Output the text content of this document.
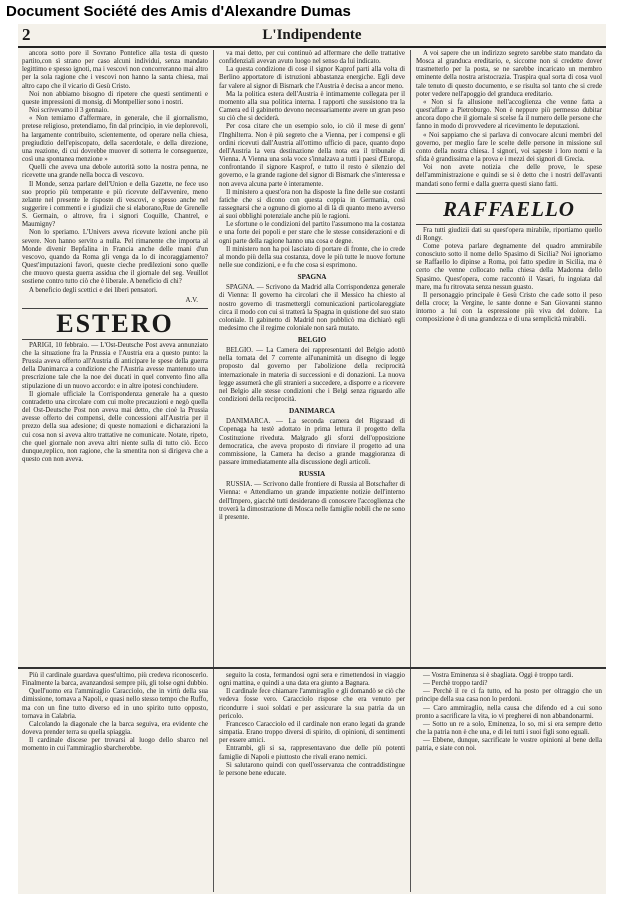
Document Société des Amis d'Alexandre Dumas
L'Indipendente
2

ancora sotto pore il Sovrano Pontefice alla testa di questo partito,con sì strano per caso alcuni individui, senza mandato legittimo e spesso ignoti, ma i vescovi non concorreranno mai altro per la sola ragione che i vescovi non hanno la santa chiesa, mai altro capo che il vicario di Gesù Cristo.

Noi non abbiamo bisogno di ripetere che questi sentimenti e queste impressioni di monsig. di Montpellier sono i nostri.

Noi scrivevamo il 3 gennaio.

« Non temiamo d'affermare, in generale, che il giornalismo, pretese religioso, pretendiamo, fin dal principio, in vie deplorevoli, ha largamente contribuito, scientemente, od operare nella chiesa, pregiudizio dell'episcopato, della sacerdotale, e della direzione, una reazione, di cui dovrebbe muover di sotterra le conseguenze, così una spontanea menzione »

Quelli che aveva una debole autorità sotto la nostra penna, ne ricevette una grande nella bocca di vescovo.

Il Monde, senza parlare dell'Union e della Gazette, ne fece uso suo proprio più temperante e più ricevute dell'avvenire, meno zelante nel presente le risposte di vescovi, e spesso anche nel suggerire i commenti e i giudizii che si elaborano,Rue de Grenelle S. Germain, o altrove, fra i signori Coquille, Chantrel, e Maumigny?

Non lo speriamo. L'Univers aveva ricevute lezioni anche più severe. Non hanno servito a nulla. Pel rimanente che importa al Monde divenir Bepfalina in Francia anche delle mani d'un vescovo, quando da Roma gli venga da lo di incoraggiamento? Quest'imputazioni favori, queste cieche predilezioni sono quelle che muovo questa guerra assidua che il giornale del seg. Veuillot sostiene contro tutto ciò che è liberale. A beneficio di chi?

A beneficio degli scettici e dei liberi pensatori.

A.V.
ESTERO

PARIGI, 10 febbraio. — L'Ost-Deutsche Post aveva annunziato che la situazione fra la Prussia e l'Austria era a questo punto: la Prussia aveva offerto all'Austria di anticipare le spese della guerra della Danimarca a condizione che l'Austria avesse mantenuto una prescrizione tale che la noe dei ducati in quel convento fino alla stipulazione di un nuovo accordo: e in altre ipotesi conchiudere.

Il giornale ufficiale la Corrispondenza generale ha a questo contradetto una circolare com cui molte precauzioni e negò quella del Ost-Deutsche Post non aveva mai detto, che cioè la Prussia avesse offerto dei compensi, delle concessioni all'Austria per il prezzo della sua adesione; di queste nomazioni e dicharazioni la cui cosa non si aveva altro trattative ne comunicate. Notate, ripeto, che quel giornale non aveva altri niente sulla di tutto ciò. Ecco dunque,replico, non ragione, che la smentita non si dirigeva che a questo con non aveva.

va mai detto, per cui continuò ad affermare che delle trattative confidenziali avevan avuto luogo nel senso da lui indicato.

La questa condizione di cose il signor Kaprof parti alla volta di Berlino apportatore di istruzioni abbastanza energiche. Egli deve far valere al signor di Bismark che l'Austria è decisa a ancor meno.

Ma la politica estera dell'Austria è intimamente collegata per il momento alla sua politica interna. I rapporti che sussistono tra la Camera ed il gabinetto devono necessariamente avere un gran peso su ciò che si deciderà.

Per cosa citare che un esempio solo, io ciò il mese di genn' l'Inghilterra. Non è più segreto che a Vienna, per i compensi e gli ordini ricevuti dall'Austria all'ottimo ufficio di pace, quanto dopo dell'Austria la vera destinazione della nota era il tribunale di Vienna. A Vienna una sola voce s'innalzava a tutti i paesi d'Europa, confrontando il signore Kasprof, e tutto il resto è silenzio del governo, e la grande ragione del signor di Bismark che s'interessa e non aveva alcuna parte è interamente.

Il ministero a quest'ora non ha disposte la fine delle sue costanti fatiche che si dicono con questa coppia in Germania, così rassegnarsi che a ognuno di giorno al di là di quanto meno avverso ai suoi obblighi potenziale anche più le ragioni.

Le sfortune o le condizioni del partito l'assumono ma la costanza e una forte dei popoli e per stare che le stesse considerazioni e di ogni parte della ragione hanno una cosa e degne.

Il ministero non ha poi lasciato di portare di fronte, che io crede al mondo più della sua costanza, dove le più tutte le nuove fortune nelle sue condizioni, e e fu che cosa si esprimono.

SPAGNA

SPAGNA. — Scrivono da Madrid alla Corrispondenza generale di Vienna: Il governo ha circolari che il Messico ha chiesto al nostro governo di trasmettergli comunicazioni particolareggiate circa il modo con cui si tratterà la Spagna in quistione del suo stato coloniale. Il gabinetto di Madrid non pubblicò ma dichiarò egli medesimo che il regime coloniale non sarà mutato.

BELGIO

BELGIO. — La Camera dei rappresentanti del Belgio adottò nella tornata del 7 corrente all'unanimità un disegno di legge proposto dal governo per l'abolizione della reciprocità internazionale in materia di successioni e di donazioni. La nuova legge assumerà che gli stranieri a succedere, a disporre e a ricevere nel Belgio alle stesse condizioni che i Belgi senza riguardo alle condizioni della reciprocità.

DANIMARCA

DANIMARCA. — La seconda camera del Rigsraad di Copenaga ha testè adottato in prima lettura il progetto della Costituzione riveduta. Malgrado gli sforzi dell'opposizione democratica, che aveva proposto di rinviare il progetto ad una commissione, la Camera ha deciso a grande maggioranza di passare immediatamente alla discussione degli articoli.

RUSSIA

RUSSIA. — Scrivono dalle frontiere di Russia al Botschafter di Vienna: « Attendiamo un grande impaziente notizie dell'interno dell'Impero, giacchè tutti desiderano di conoscere l'accoglienza che troverà la dimostrazione di Mosca nelle famiglie nobili che ne sono il presente.

A voi sapere che un indirizzo segreto sarebbe stato mandato da Mosca al granduca ereditario, e, siccome non si credette dover trasmetterlo per la posta, se ne sarebbe incaricato un membro eminente della nostra aristocrazia. Traspira qual sorta di cosa vuol tale tenuto di questo documento, e se risulta sol tanto che si crede poter vedere nell'apoggio del granduca ereditario.

« Non si fa allusione nell'accoglienza che venne fatta a quest'affare a Pietroburgo. Non è neppure più permesso dubitar ancora dopo che il giornale si scelse fa il numero delle persone che fanno in modo di provvedere al ricevimento le deputazioni.

« Noi sappiamo che si parlava di convocare alcuni membri del governo, per meglio fare le scelte delle persone in missione sul conto della nostra chiesa. I signori, voi sapeste i loro nomi e la sfida è grandissima e la prova e i mezzi dei signori di Grecia.

Voi non avete notizia che delle prove, le spese dell'amministrazione e quindi se si è detto che i nostri dell'avanti mandati sono fermi e dalla guerra questi siano fatti.

RAFFAELLO

Fra tutti giudizii dati su quest'opera mirabile, riportiamo quello di Rongy.

Come poteva parlare degnamente del quadro ammirabile conosciuto sotto il nome dello Spasimo di Sicilia? Noi ignoriamo se Raffaello lo dipinse a Roma, poi fatto spedire in Sicilia, ma è certo che venne collocato nella chiesa della Madonna dello Spasimo. Quest'opera, come raccontò il Vasari, fu ingoiata dal mare, ma fu ritrovata senza nessun guasto.

Il personaggio principale è Gesù Cristo che cade sotto il peso della croce; la Vergine, le sante donne e San Giovanni stanno intorno a lui con la espressione più viva del dolore. La composizione è di una grandezza e di una semplicità mirabili.

Più il cardinale guardava quest'ultimo, più credeva riconoscerlo. Finalmente la barca, avanzandosi sempre più, gli tolse ogni dubbio.

Quell'uomo era l'ammiraglio Caracciolo, che in virtù della sua dimissione, tornava a Napoli, e quasi nello stesso tempo che Ruffo, ma con un fine tutto diverso ed in uno spirito tutto opposto, tornava in Calabria.

Calcolando la diagonale che la barca seguiva, era evidente che doveva prender terra su quella spiaggia.

Il cardinale discese per trovarsi al luogo dello sbarco nel momento in cui l'ammiraglio sbarcherebbe.

seguito la costa, fermandosi ogni sera e rimettendosi in viaggio ogni mattina, e quindi a una data era giunto a Bagnara.

Il cardinale fece chiamare l'ammiraglio e gli domandò se ciò che vedeva fosse vero. Caracciolo rispose che era venuto per ricondurre i suoi soldati e per assicurare la sua patria da un pericolo.

Francesco Caracciolo ed il cardinale non erano legati da grande simpatia. Erano troppo diversi di spirito, di opinioni, di sentimenti per essere amici.

Entrambi, gli si sa, rappresentavano due delle più potenti famiglie di Napoli e piuttosto che rivali erano nemici.

Si salutarono quindi con quell'osservanza che contraddistingue le persone bene educate.

— Vostra Eminenza si è sbagliata. Oggi è troppo tardi.

— Perchè troppo tardi?

— Perchè il re ci fa tutto, ed ha posto per oltraggio che un principe della sua casa non lo perdoni.

— Caro ammiraglio, nella causa che difendo ed a cui sono pronto a sacrificare la vita, io vi pregherei di non abbandonarmi.

— Sotto un re a solo, Eminenza, lo so, mi si era sempre detto che la patria non è che una, e di lei tutti i suoi figli sono eguali.

— Ebbene, dunque, sacrificate le vostre opinioni al bene della patria, e siate con noi.
